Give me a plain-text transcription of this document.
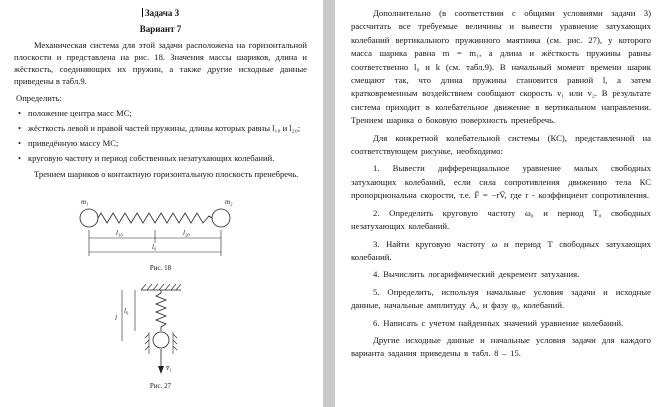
Задача 3
Вариант 7

Механическая система для этой задачи расположена на горизонтальной плоскости и представлена на рис. 18. Значения массы шариков, длина и жёсткость, соединяющих их пружин, а также другие исходные данные приведены в табл.9.

Определить:

• положение центра масс МС;
• жёсткость левой и правой частей пружины, длины которых равны l₁₀ и l₂₀;
• приведённую массу МС;
• круговую частоту и период собственных незатухающих колебаний.

Трением шариков о контактную горизонтальную плоскость пренебречь.

m₁	m₂
l₁₀	l₂₀
l₀
Рис. 18
l₀
l
v̄₁
Рис. 27

Дополнительно (в соответствии с общими условиями задачи 3) рассчитать все требуемые величины и вывести уравнение затухающих колебаний вертикального пружинного маятника (см. рис. 27), у которого масса шарика равна m = m₁, а длина и жёсткость пружины равны соответственно l₀ и k (см. табл.9). В начальный момент времени шарик смещают так, что длина пружины становится равной l, а затем кратковременным воздействием сообщают скорость v₁ или v₂. В результате система приходит в колебательное движение в вертикальном направлении. Трением шарика о боковую поверхность пренебречь.

Для конкретной колебательной системы (КС), представленной на соответствующем рисунке, необходимо:

1. Вывести дифференциальное уравнение малых свободных затухающих колебаний, если сила сопротивления движению тела КС пропорциональна скорости, т.е. F̄ = −rV̄, где r - коэффициент сопротивления.

2. Определить круговую частоту ω₀ и период Т₀ свободных незатухающих колебаний.

3. Найти круговую частоту ω и период Т свободных затухающих колебаний.

4. Вычислить логарифмический декремент затухания.

5. Определить, используя начальные условия задачи и исходные данные, начальные амплитуду А₀ и фазу φ₀ колебаний.

6. Написать с учетом найденных значений уравнение колебаний.

Другие исходные данные и начальные условия задачи для каждого варианта задания приведены в табл. 8 – 15.
